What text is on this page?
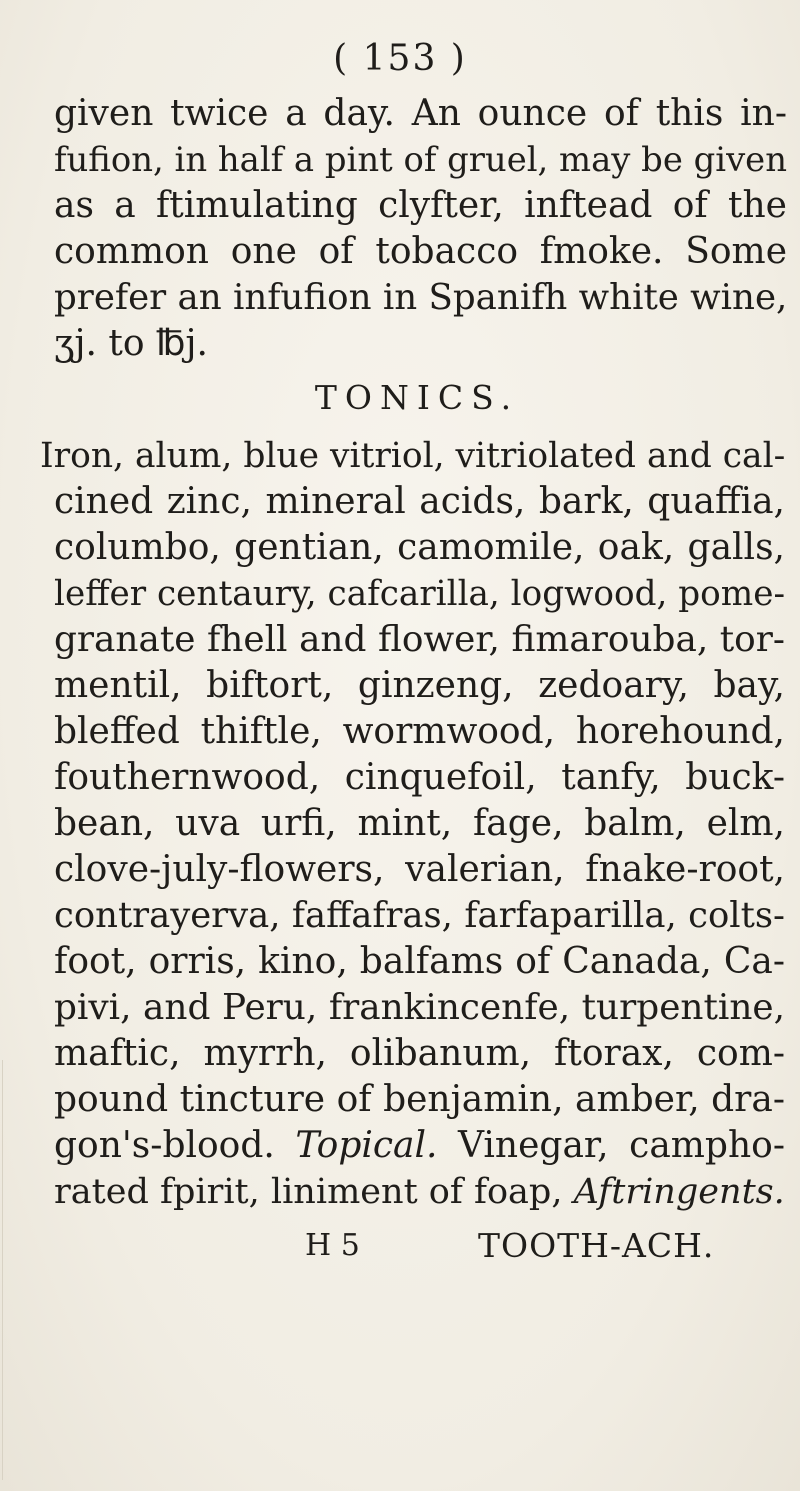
( 153 )
given twice a day. An ounce of this in-
fufion, in half a pint of gruel, may be given
as a ftimulating clyfter, inftead of the
common one of tobacco fmoke. Some
prefer an infufion in Spanifh white wine,
ʒj. to ℔j.
TONICS.
Iron, alum, blue vitriol, vitriolated and cal-
cined zinc, mineral acids, bark, quaffia,
columbo, gentian, camomile, oak, galls,
leffer centaury, cafcarilla, logwood, pome-
granate fhell and flower, fimarouba, tor-
mentil, biftort, ginzeng, zedoary, bay,
bleffed thiftle, wormwood, horehound,
fouthernwood, cinquefoil, tanfy, buck-
bean, uva urfi, mint, fage, balm, elm,
clove-july-flowers, valerian, fnake-root,
contrayerva, faffafras, farfaparilla, colts-
foot, orris, kino, balfams of Canada, Ca-
pivi, and Peru, frankincenfe, turpentine,
maftic, myrrh, olibanum, ftorax, com-
pound tincture of benjamin, amber, dra-
gon's-blood. Topical. Vinegar, campho-
rated fpirit, liniment of foap, Aftringents.
H 5	TOOTH-ACH.
